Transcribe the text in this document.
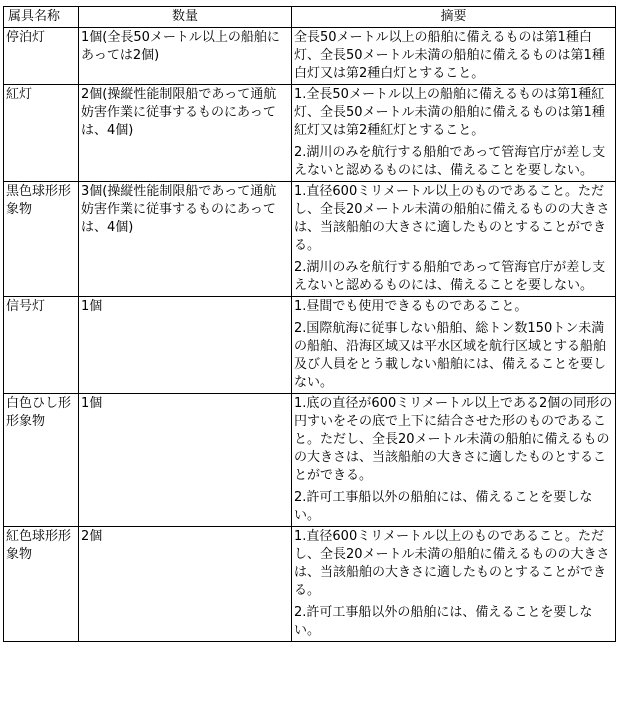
属具名称	数量	摘要
停泊灯	1個(全長50メートル以上の船舶にあっては2個)	全長50メートル以上の船舶に備えるものは第1種白灯、全長50メートル未満の船舶に備えるものは第1種白灯又は第2種白灯とすること。

紅灯	2個(操縦性能制限船であって通航妨害作業に従事するものにあっては、4個)	1.全長50メートル以上の船舶に備えるものは第1種紅灯、全長50メートル未満の船舶に備えるものは第1種紅灯又は第2種紅灯とすること。

2.湖川のみを航行する船舶であって管海官庁が差し支えないと認めるものには、備えることを要しない。

黒色球形形象物	3個(操縦性能制限船であって通航妨害作業に従事するものにあっては、4個)	1.直径600ミリメートル以上のものであること。ただし、全長20メートル未満の船舶に備えるものの大きさは、当該船舶の大きさに適したものとすることができる。

2.湖川のみを航行する船舶であって管海官庁が差し支えないと認めるものには、備えることを要しない。

信号灯	1個	1.昼間でも使用できるものであること。

2.国際航海に従事しない船舶、総トン数150トン未満の船舶、沿海区域又は平水区域を航行区域とする船舶及び人員をとう載しない船舶には、備えることを要しない。

白色ひし形形象物	1個	1.底の直径が600ミリメートル以上である2個の同形の円すいをその底で上下に結合させた形のものであること。ただし、全長20メートル未満の船舶に備えるものの大きさは、当該船舶の大きさに適したものとすることができる。

2.許可工事船以外の船舶には、備えることを要しない。

紅色球形形象物	2個	1.直径600ミリメートル以上のものであること。ただし、全長20メートル未満の船舶に備えるものの大きさは、当該船舶の大きさに適したものとすることができる。

2.許可工事船以外の船舶には、備えることを要しない。
